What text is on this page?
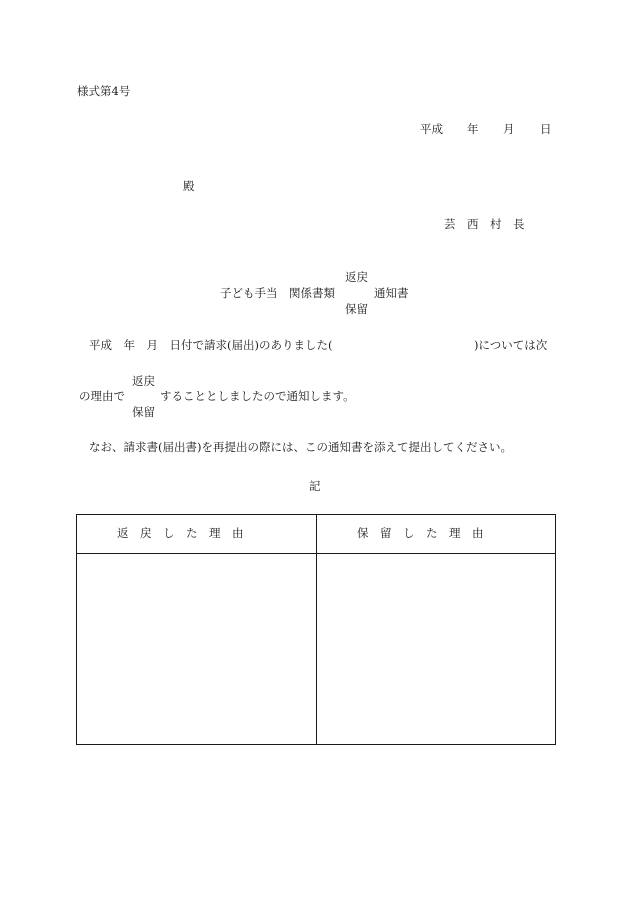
様式第4号
平成 年 月 日
殿
芸　西　村　長
返戻
子ども手当　関係書類	通知書
保留
平成　年　月　日付で請求(届出)のありました(	)については次
返戻
の理由で	することとしましたので通知します。
保留
なお、請求書(届出書)を再提出の際には、この通知書を添えて提出してください。
記
返　戻　し　た　理　由	保　留　し　た　理　由
